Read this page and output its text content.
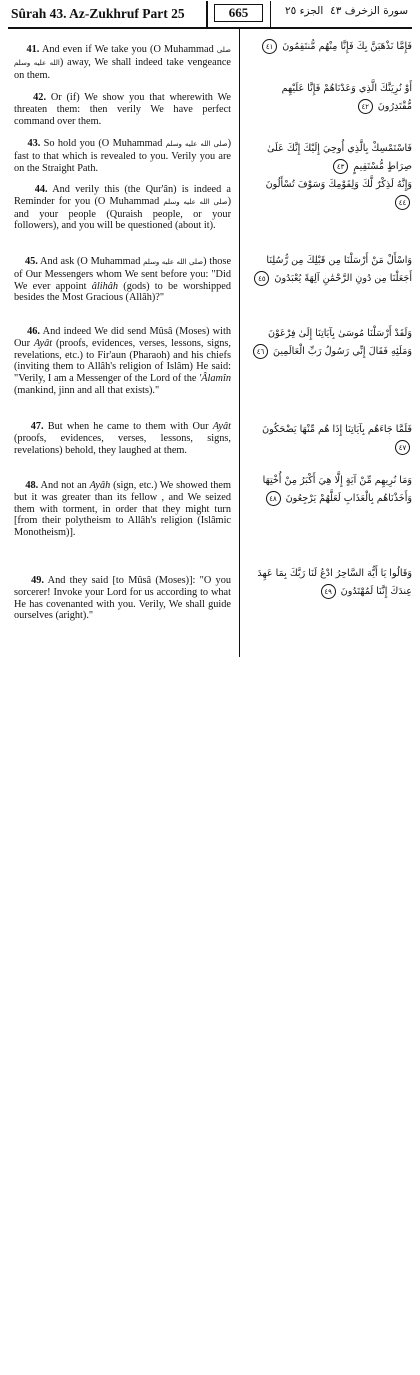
Sûrah 43. Az-Zukhruf Part 25	665	الجزء ٢٥ سورة الزخرف ٤٣
41. And even if We take you (O Muhammad صلى الله عليه وسلم) away, We shall indeed take vengeance on them.
42. Or (if) We show you that wherewith We threaten them: then verily We have perfect command over them.
43. So hold you (O Muhammad صلى الله عليه وسلم) fast to that which is revealed to you. Verily you are on the Straight Path.
44. And verily this (the Qur'ân) is indeed a Reminder for you (O Muhammad صلى الله عليه وسلم) and your people (Quraish people, or your followers), and you will be questioned (about it).
45. And ask (O Muhammad صلى الله عليه وسلم) those of Our Messengers whom We sent before you: "Did We ever appoint âlihâh (gods) to be worshipped besides the Most Gracious (Allâh)?"
46. And indeed We did send Mûsâ (Moses) with Our Ayât (proofs, evidences, verses, lessons, signs, revelations, etc.) to Fir'aun (Pharaoh) and his chiefs (inviting them to Allâh's religion of Islâm) He said: "Verily, I am a Messenger of the Lord of the 'Âlamîn (mankind, jinn and all that exists)."
47. But when he came to them with Our Ayât (proofs, evidences, verses, lessons, signs, revelations) behold, they laughed at them.
48. And not an Ayâh (sign, etc.) We showed them but it was greater than its fellow , and We seized them with torment, in order that they might turn [from their polytheism to Allâh's religion (Islâmic Monotheism)].
49. And they said [to Mûsâ (Moses)]: "O you sorcerer! Invoke your Lord for us according to what He has covenanted with you. Verily, We shall guide ourselves (aright)."
فَإِمَّا نَذْهَبَنَّ بِكَ فَإِنَّا مِنْهُم مُّنتَقِمُونَ ٤١
أَوْ نُرِيَنَّكَ الَّذِي وَعَدْنَاهُمْ فَإِنَّا عَلَيْهِم مُّقْتَدِرُونَ ٤٢
فَاسْتَمْسِكْ بِالَّذِي أُوحِيَ إِلَيْكَ إِنَّكَ عَلَىٰ صِرَاطٍ مُّسْتَقِيمٍ ٤٣
وَإِنَّهُ لَذِكْرٌ لَّكَ وَلِقَوْمِكَ وَسَوْفَ تُسْأَلُونَ ٤٤
وَاسْأَلْ مَنْ أَرْسَلْنَا مِن قَبْلِكَ مِن رُّسُلِنَا أَجَعَلْنَا مِن دُونِ الرَّحْمَٰنِ آلِهَةً يُعْبَدُونَ ٤٥
وَلَقَدْ أَرْسَلْنَا مُوسَىٰ بِآيَاتِنَا إِلَىٰ فِرْعَوْنَ وَمَلَئِهِ فَقَالَ إِنِّي رَسُولُ رَبِّ الْعَالَمِينَ ٤٦
فَلَمَّا جَاءَهُم بِآيَاتِنَا إِذَا هُم مِّنْهَا يَضْحَكُونَ ٤٧
وَمَا نُرِيهِم مِّنْ آيَةٍ إِلَّا هِيَ أَكْبَرُ مِنْ أُخْتِهَا وَأَخَذْنَاهُم بِالْعَذَابِ لَعَلَّهُمْ يَرْجِعُونَ ٤٨
وَقَالُوا يَا أَيُّهَ السَّاحِرُ ادْعُ لَنَا رَبَّكَ بِمَا عَهِدَ عِندَكَ إِنَّنَا لَمُهْتَدُونَ ٤٩
